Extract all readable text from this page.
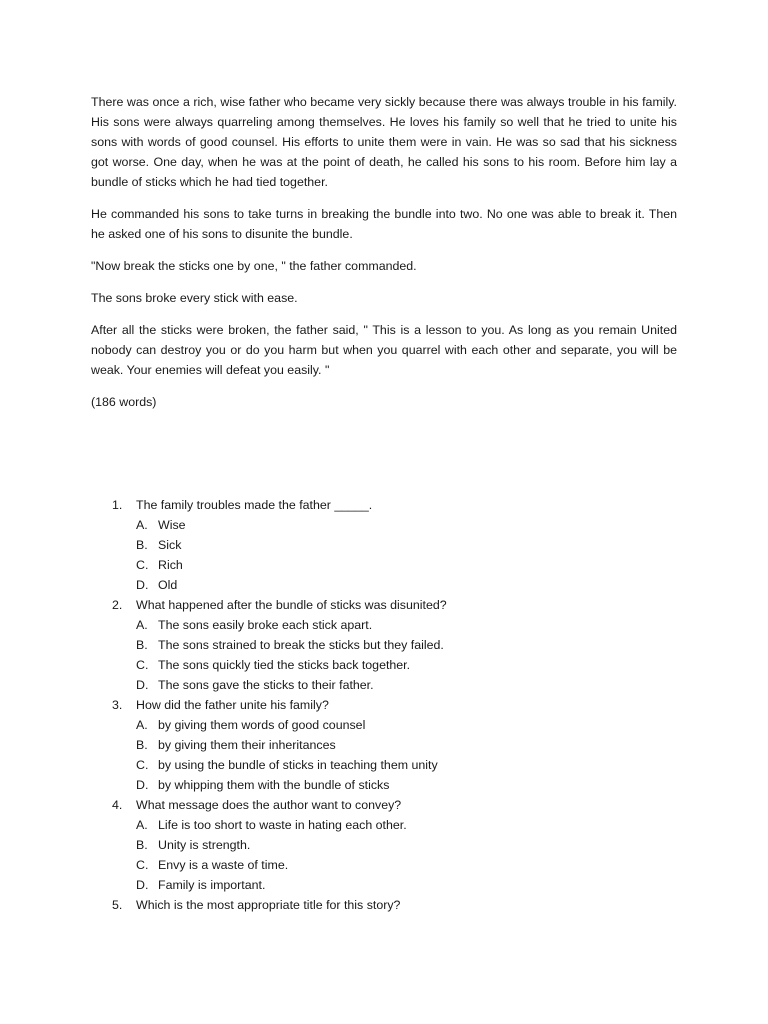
There was once a rich, wise father who became very sickly because there was always trouble in his family. His sons were always quarreling among themselves. He loves his family so well that he tried to unite his sons with words of good counsel. His efforts to unite them were in vain. He was so sad that his sickness got worse. One day, when he was at the point of death, he called his sons to his room. Before him lay a bundle of sticks which he had tied together.

He commanded his sons to take turns in breaking the bundle into two. No one was able to break it. Then he asked one of his sons to disunite the bundle.

"Now break the sticks one by one, " the father commanded.

The sons broke every stick with ease.

After all the sticks were broken, the father said, " This is a lesson to you. As long as you remain United nobody can destroy you or do you harm but when you quarrel with each other and separate, you will be weak. Your enemies will defeat you easily. "

(186 words)

1.	The family troubles made the father _____.
A. Wise
B. Sick
C. Rich
D. Old
2.	What happened after the bundle of sticks was disunited?
A. The sons easily broke each stick apart.
B. The sons strained to break the sticks but they failed.
C. The sons quickly tied the sticks back together.
D. The sons gave the sticks to their father.
3.	How did the father unite his family?
A. by giving them words of good counsel
B. by giving them their inheritances
C. by using the bundle of sticks in teaching them unity
D. by whipping them with the bundle of sticks
4.	What message does the author want to convey?
A. Life is too short to waste in hating each other.
B. Unity is strength.
C. Envy is a waste of time.
D. Family is important.
5.	Which is the most appropriate title for this story?
